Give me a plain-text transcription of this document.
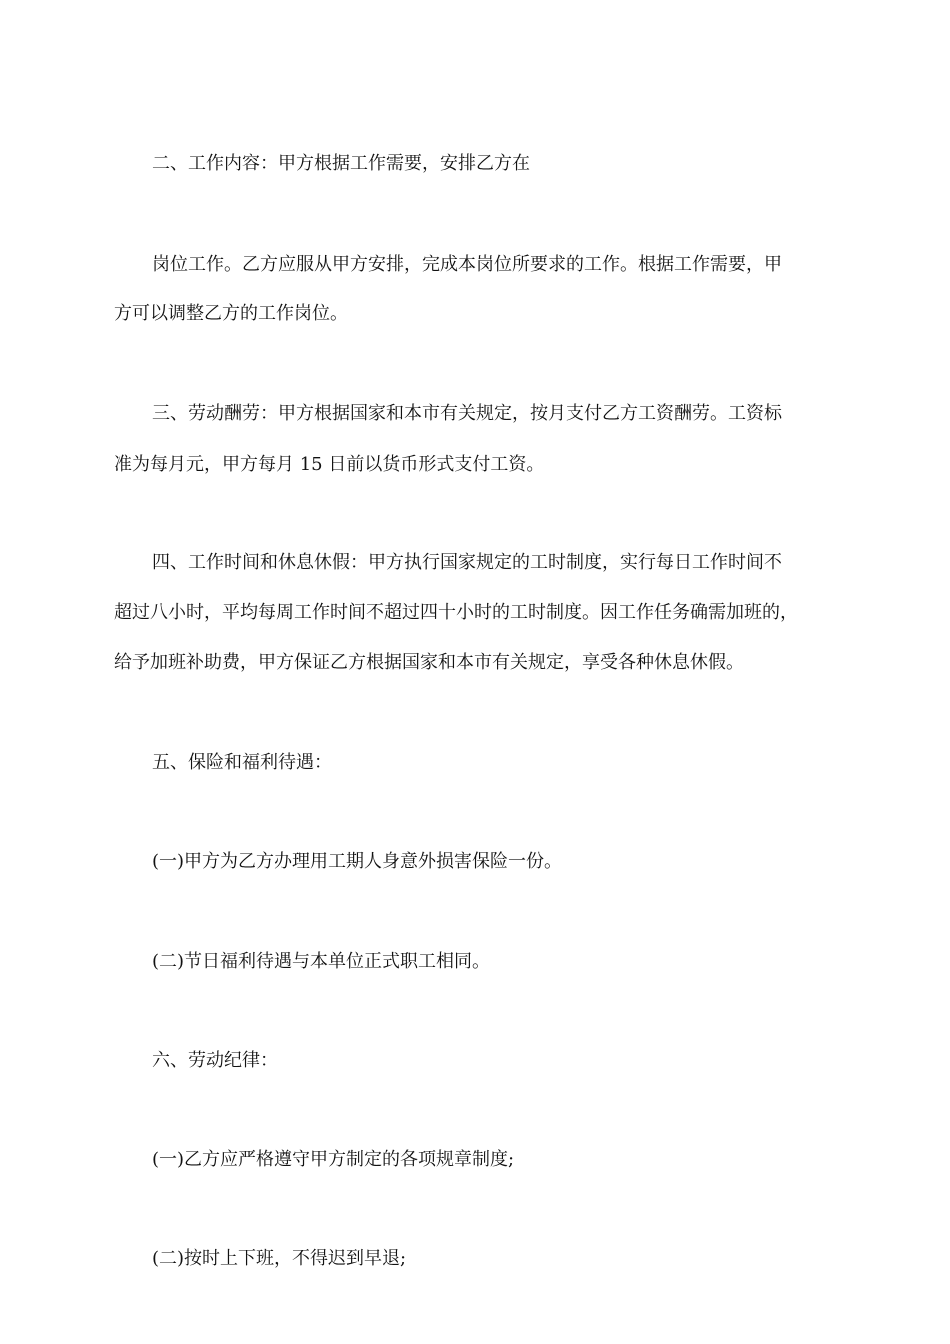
二、工作内容：甲方根据工作需要，安排乙方在
岗位工作。乙方应服从甲方安排，完成本岗位所要求的工作。根据工作需要，甲
方可以调整乙方的工作岗位。
三、劳动酬劳：甲方根据国家和本市有关规定，按月支付乙方工资酬劳。工资标
准为每月元，甲方每月 15 日前以货币形式支付工资。
四、工作时间和休息休假：甲方执行国家规定的工时制度，实行每日工作时间不
超过八小时，平均每周工作时间不超过四十小时的工时制度。因工作任务确需加班的，
给予加班补助费，甲方保证乙方根据国家和本市有关规定，享受各种休息休假。
五、保险和福利待遇：
(一)甲方为乙方办理用工期人身意外损害保险一份。
(二)节日福利待遇与本单位正式职工相同。
六、劳动纪律：
(一)乙方应严格遵守甲方制定的各项规章制度;
(二)按时上下班，不得迟到早退;
